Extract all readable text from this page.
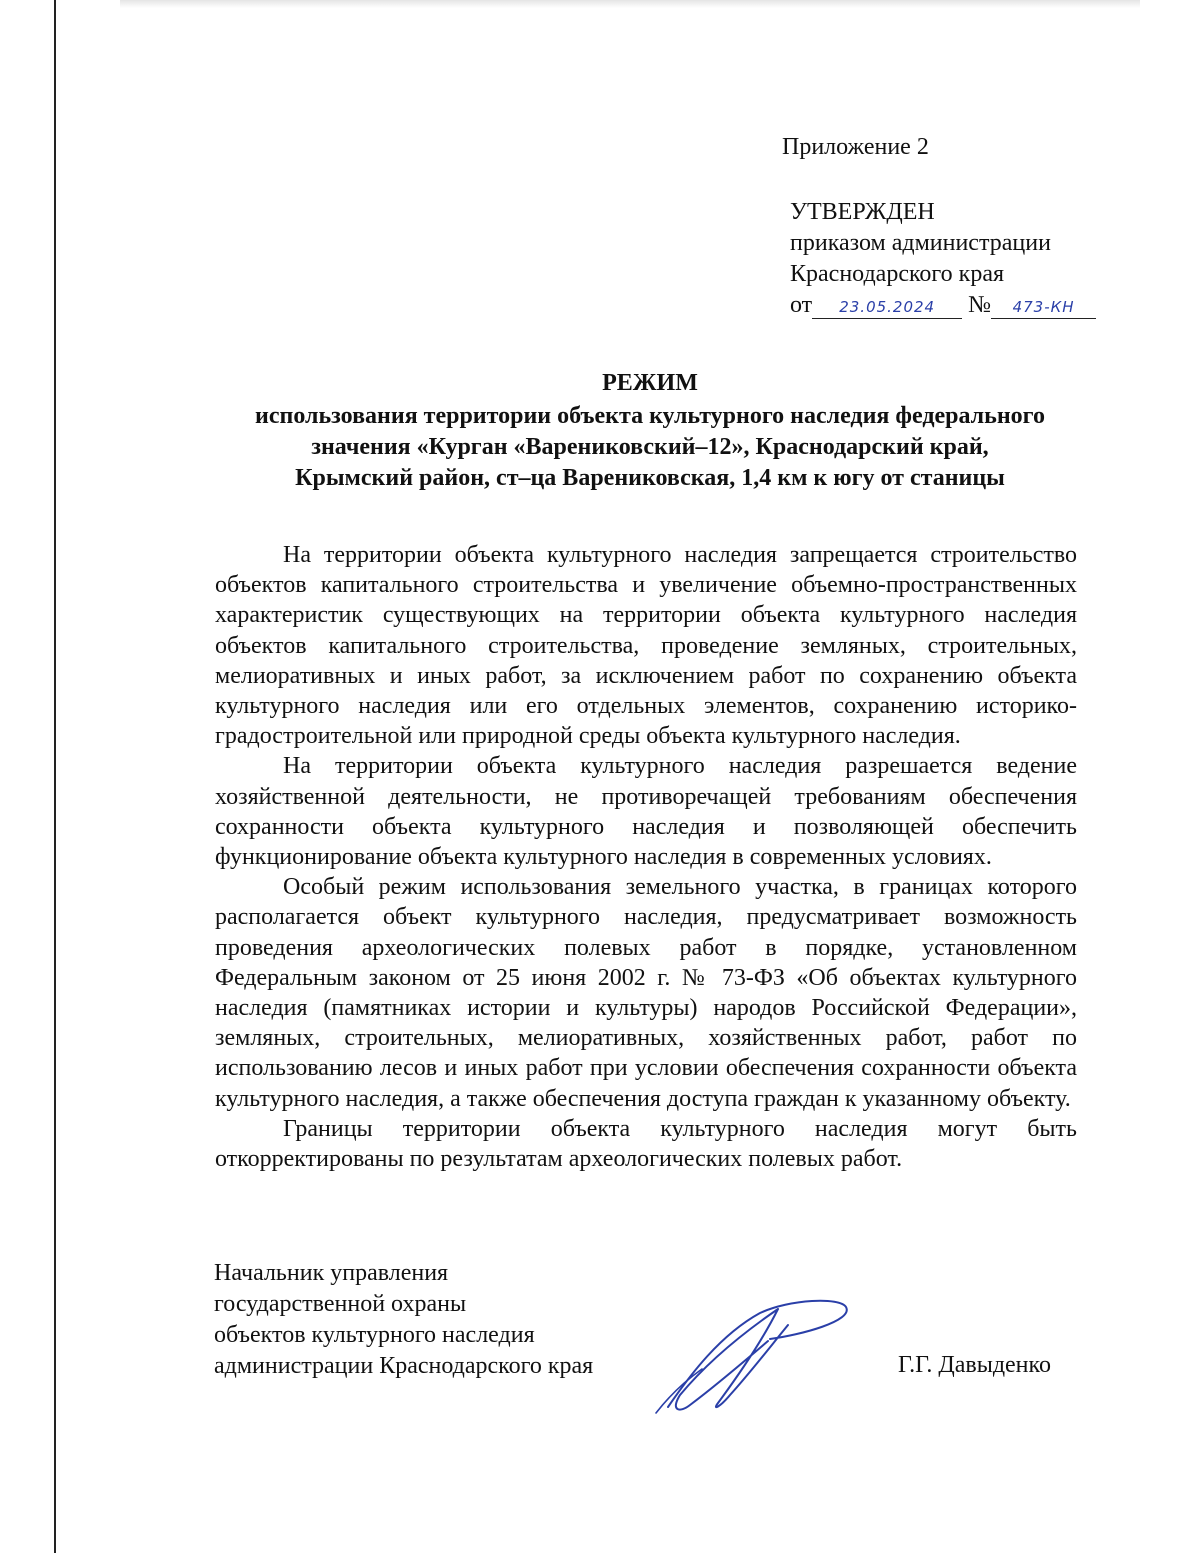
Приложение 2
УТВЕРЖДЕН
приказом администрации
Краснодарского края
от 23.05.2024 № 473-КН
РЕЖИМ
использования территории объекта культурного наследия федерального
значения «Курган «Варениковский–12», Краснодарский край,
Крымский район, ст–ца Варениковская, 1,4 км к югу от станицы

На территории объекта культурного наследия запрещается строительство объектов капитального строительства и увеличение объемно-пространственных характеристик существующих на территории объекта культурного наследия объектов капитального строительства, проведение земляных, строительных, мелиоративных и иных работ, за исключением работ по сохранению объекта культурного наследия или его отдельных элементов, сохранению историко-градостроительной или природной среды объекта культурного наследия.

На территории объекта культурного наследия разрешается ведение хозяйственной деятельности, не противоречащей требованиям обеспечения сохранности объекта культурного наследия и позволяющей обеспечить функционирование объекта культурного наследия в современных условиях.

Особый режим использования земельного участка, в границах которого располагается объект культурного наследия, предусматривает возможность проведения археологических полевых работ в порядке, установленном Федеральным законом от 25 июня 2002 г. № 73-ФЗ «Об объектах культурного наследия (памятниках истории и культуры) народов Российской Федерации», земляных, строительных, мелиоративных, хозяйственных работ, работ по использованию лесов и иных работ при условии обеспечения сохранности объекта культурного наследия, а также обеспечения доступа граждан к указанному объекту.

Границы территории объекта культурного наследия могут быть откорректированы по результатам археологических полевых работ.

Начальник управления
государственной охраны
объектов культурного наследия
администрации Краснодарского края	Г.Г. Давыденко
